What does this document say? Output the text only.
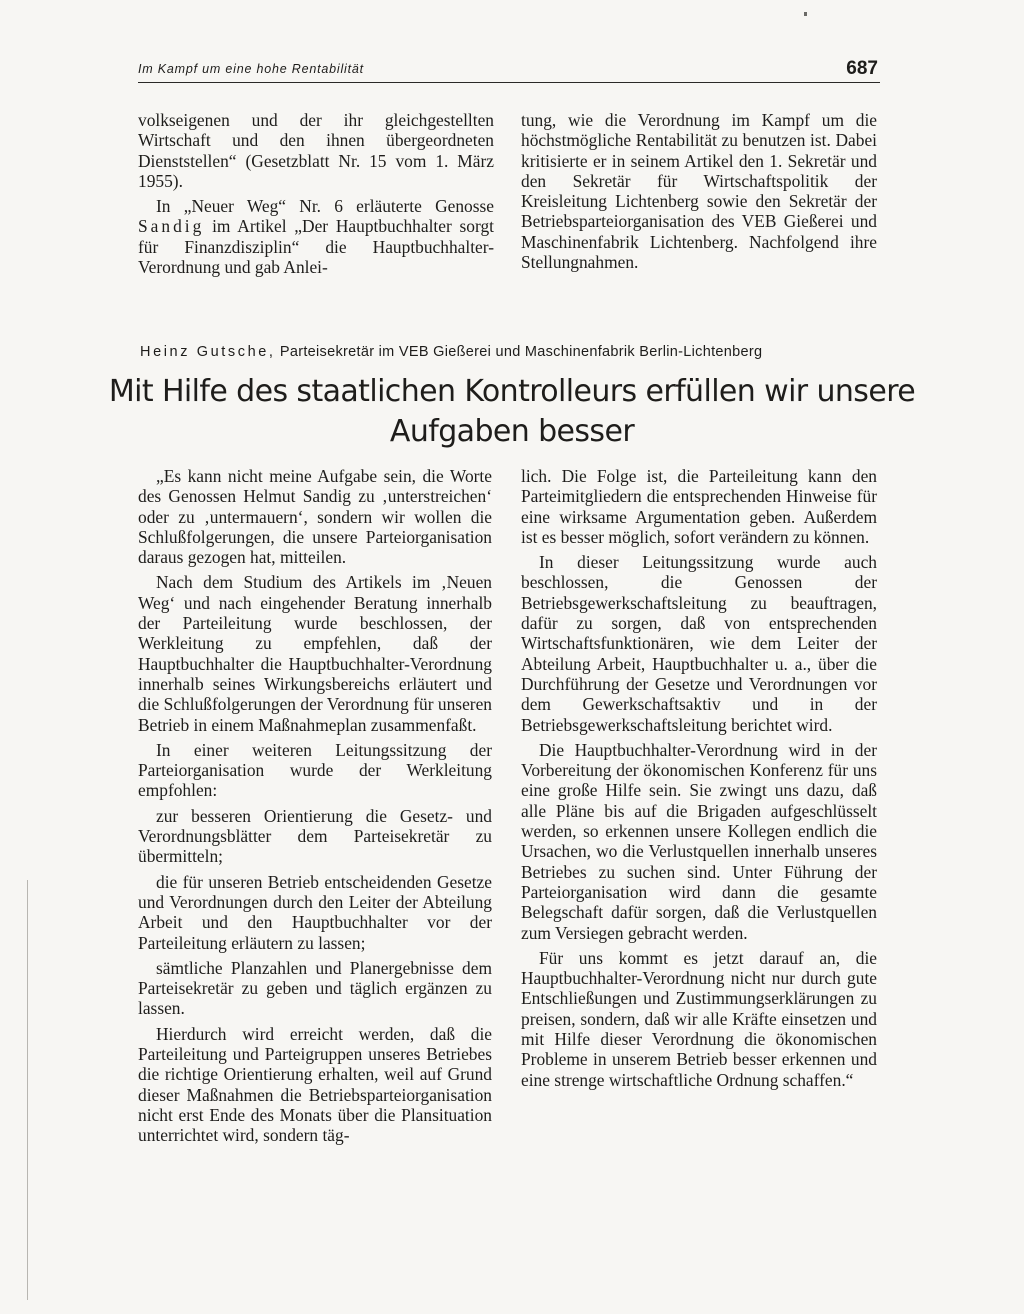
Im Kampf um eine hohe Rentabilität	687

volkseigenen und der ihr gleichgestellten Wirtschaft und den ihnen übergeordneten Dienststellen“ (Gesetzblatt Nr. 15 vom 1. März 1955).

In „Neuer Weg“ Nr. 6 erläuterte Genosse Sandig im Artikel „Der Hauptbuchhalter sorgt für Finanzdisziplin“ die Hauptbuchhalter-Verordnung und gab Anlei-

tung, wie die Verordnung im Kampf um die höchstmögliche Rentabilität zu benutzen ist. Dabei kritisierte er in seinem Artikel den 1. Sekretär und den Sekretär für Wirtschaftspolitik der Kreisleitung Lichtenberg sowie den Sekretär der Betriebsparteiorganisation des VEB Gießerei und Maschinenfabrik Lichtenberg. Nachfolgend ihre Stellungnahmen.

Heinz Gutsche, Parteisekretär im VEB Gießerei und Maschinenfabrik Berlin-Lichtenberg
Mit Hilfe des staatlichen Kontrolleurs erfüllen wir unsere
Aufgaben besser

„Es kann nicht meine Aufgabe sein, die Worte des Genossen Helmut Sandig zu ‚unterstreichen‘ oder zu ‚untermauern‘, sondern wir wollen die Schlußfolgerungen, die unsere Parteiorganisation daraus gezogen hat, mitteilen.

Nach dem Studium des Artikels im ‚Neuen Weg‘ und nach eingehender Beratung innerhalb der Parteileitung wurde beschlossen, der Werkleitung zu empfehlen, daß der Hauptbuchhalter die Hauptbuchhalter-Verordnung innerhalb seines Wirkungsbereichs erläutert und die Schlußfolgerungen der Verordnung für unseren Betrieb in einem Maßnahmeplan zusammenfaßt.

In einer weiteren Leitungssitzung der Parteiorganisation wurde der Werkleitung empfohlen:

zur besseren Orientierung die Gesetz- und Verordnungsblätter dem Parteisekretär zu übermitteln;

die für unseren Betrieb entscheidenden Gesetze und Verordnungen durch den Leiter der Abteilung Arbeit und den Hauptbuchhalter vor der Parteileitung erläutern zu lassen;

sämtliche Planzahlen und Planergebnisse dem Parteisekretär zu geben und täglich ergänzen zu lassen.

Hierdurch wird erreicht werden, daß die Parteileitung und Parteigruppen unseres Betriebes die richtige Orientierung erhalten, weil auf Grund dieser Maßnahmen die Betriebsparteiorganisation nicht erst Ende des Monats über die Plansituation unterrichtet wird, sondern täg-

lich. Die Folge ist, die Parteileitung kann den Parteimitgliedern die entsprechenden Hinweise für eine wirksame Argumentation geben. Außerdem ist es besser möglich, sofort verändern zu können.

In dieser Leitungssitzung wurde auch beschlossen, die Genossen der Betriebsgewerkschaftsleitung zu beauftragen, dafür zu sorgen, daß von entsprechenden Wirtschaftsfunktionären, wie dem Leiter der Abteilung Arbeit, Hauptbuchhalter u. a., über die Durchführung der Gesetze und Verordnungen vor dem Gewerkschaftsaktiv und in der Betriebsgewerkschaftsleitung berichtet wird.

Die Hauptbuchhalter-Verordnung wird in der Vorbereitung der ökonomischen Konferenz für uns eine große Hilfe sein. Sie zwingt uns dazu, daß alle Pläne bis auf die Brigaden aufgeschlüsselt werden, so erkennen unsere Kollegen endlich die Ursachen, wo die Verlustquellen innerhalb unseres Betriebes zu suchen sind. Unter Führung der Parteiorganisation wird dann die gesamte Belegschaft dafür sorgen, daß die Verlustquellen zum Versiegen gebracht werden.

Für uns kommt es jetzt darauf an, die Hauptbuchhalter-Verordnung nicht nur durch gute Entschließungen und Zustimmungserklärungen zu preisen, sondern, daß wir alle Kräfte einsetzen und mit Hilfe dieser Verordnung die ökonomischen Probleme in unserem Betrieb besser erkennen und eine strenge wirtschaftliche Ordnung schaffen.“
